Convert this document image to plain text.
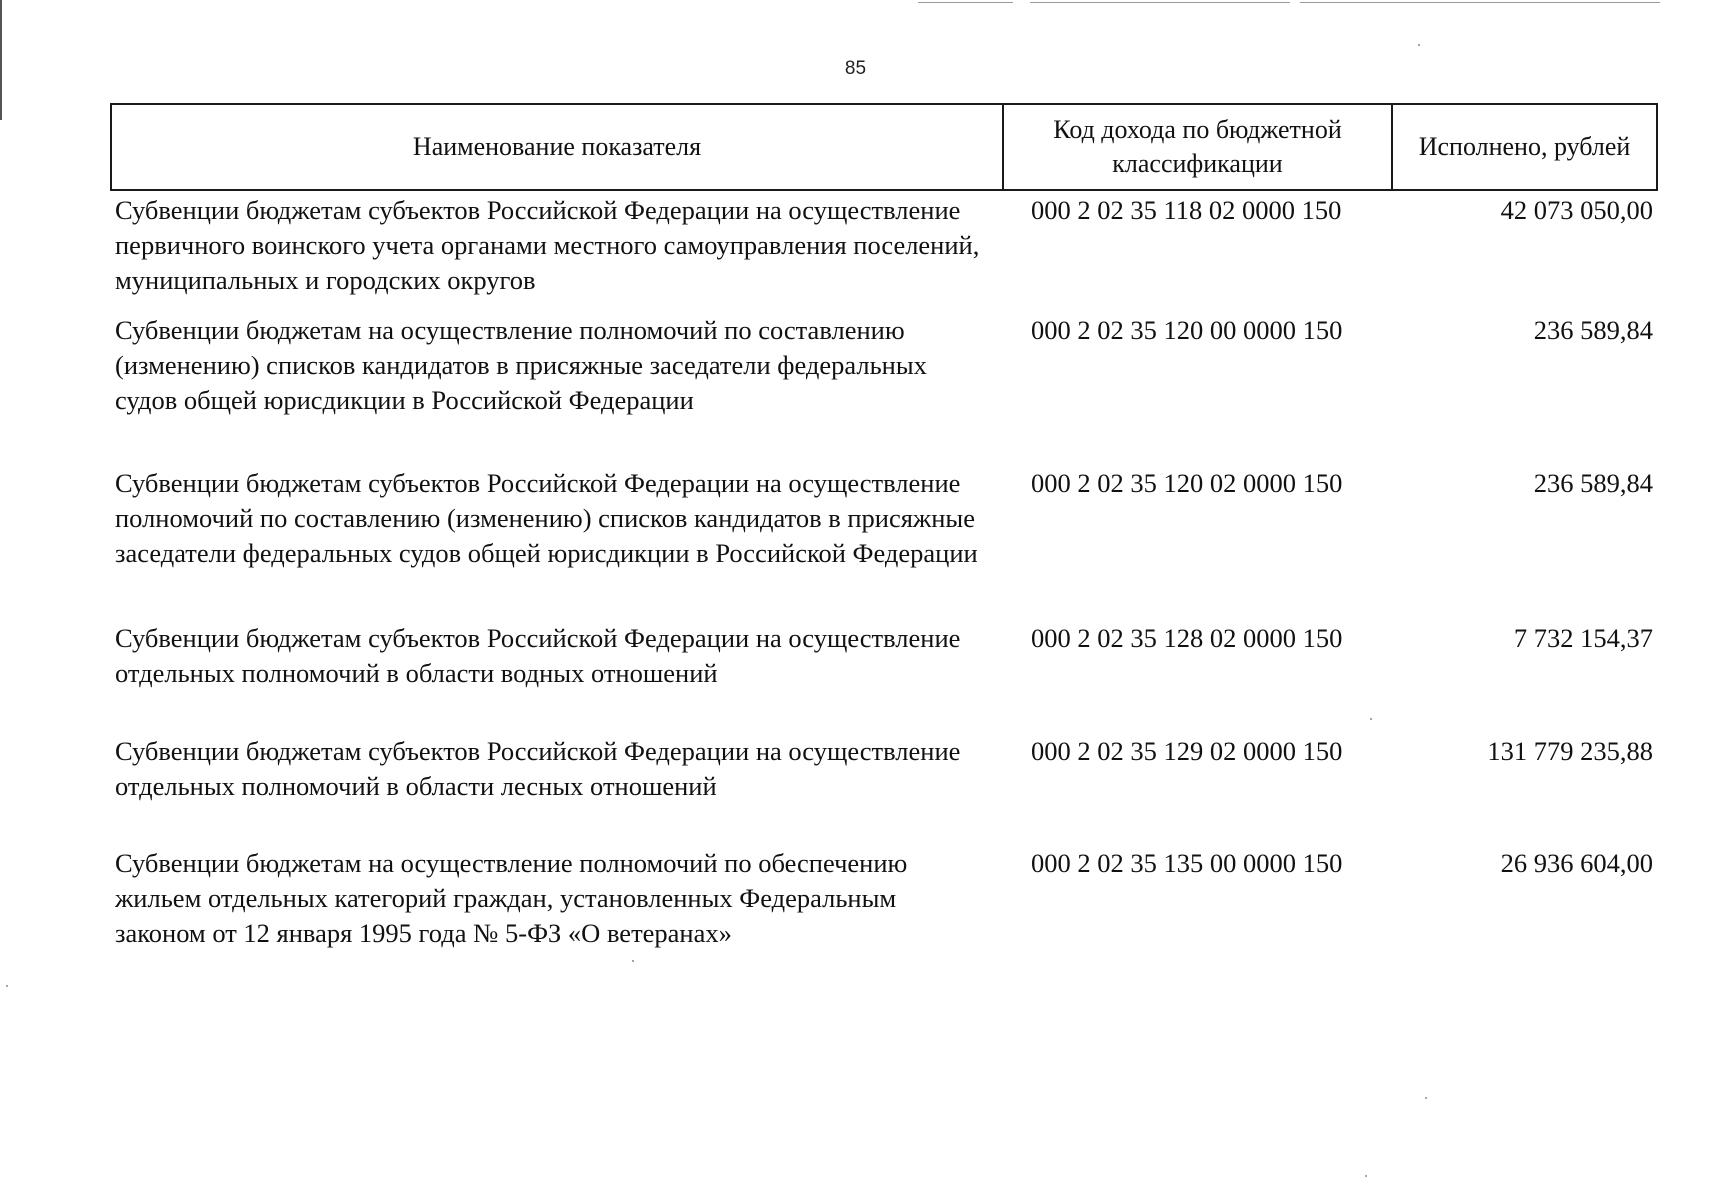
85
Наименование показателя	Код дохода по бюджетной классификации	Исполнено, рублей
Субвенции бюджетам субъектов Российской Федерации на осуществление первичного воинского учета органами местного самоуправления поселений, муниципальных и городских округов	000 2 02 35 118 02 0000 150	42 073 050,00
Субвенции бюджетам на осуществление полномочий по составлению (изменению) списков кандидатов в присяжные заседатели федеральных судов общей юрисдикции в Российской Федерации	000 2 02 35 120 00 0000 150	236 589,84
Субвенции бюджетам субъектов Российской Федерации на осуществление полномочий по составлению (изменению) списков кандидатов в присяжные заседатели федеральных судов общей юрисдикции в Российской Федерации	000 2 02 35 120 02 0000 150	236 589,84
Субвенции бюджетам субъектов Российской Федерации на осуществление отдельных полномочий в области водных отношений	000 2 02 35 128 02 0000 150	7 732 154,37
Субвенции бюджетам субъектов Российской Федерации на осуществление отдельных полномочий в области лесных отношений	000 2 02 35 129 02 0000 150	131 779 235,88
Субвенции бюджетам на осуществление полномочий по обеспечению жильем отдельных категорий граждан, установленных Федеральным законом от 12 января 1995 года № 5-ФЗ «О ветеранах»	000 2 02 35 135 00 0000 150	26 936 604,00
